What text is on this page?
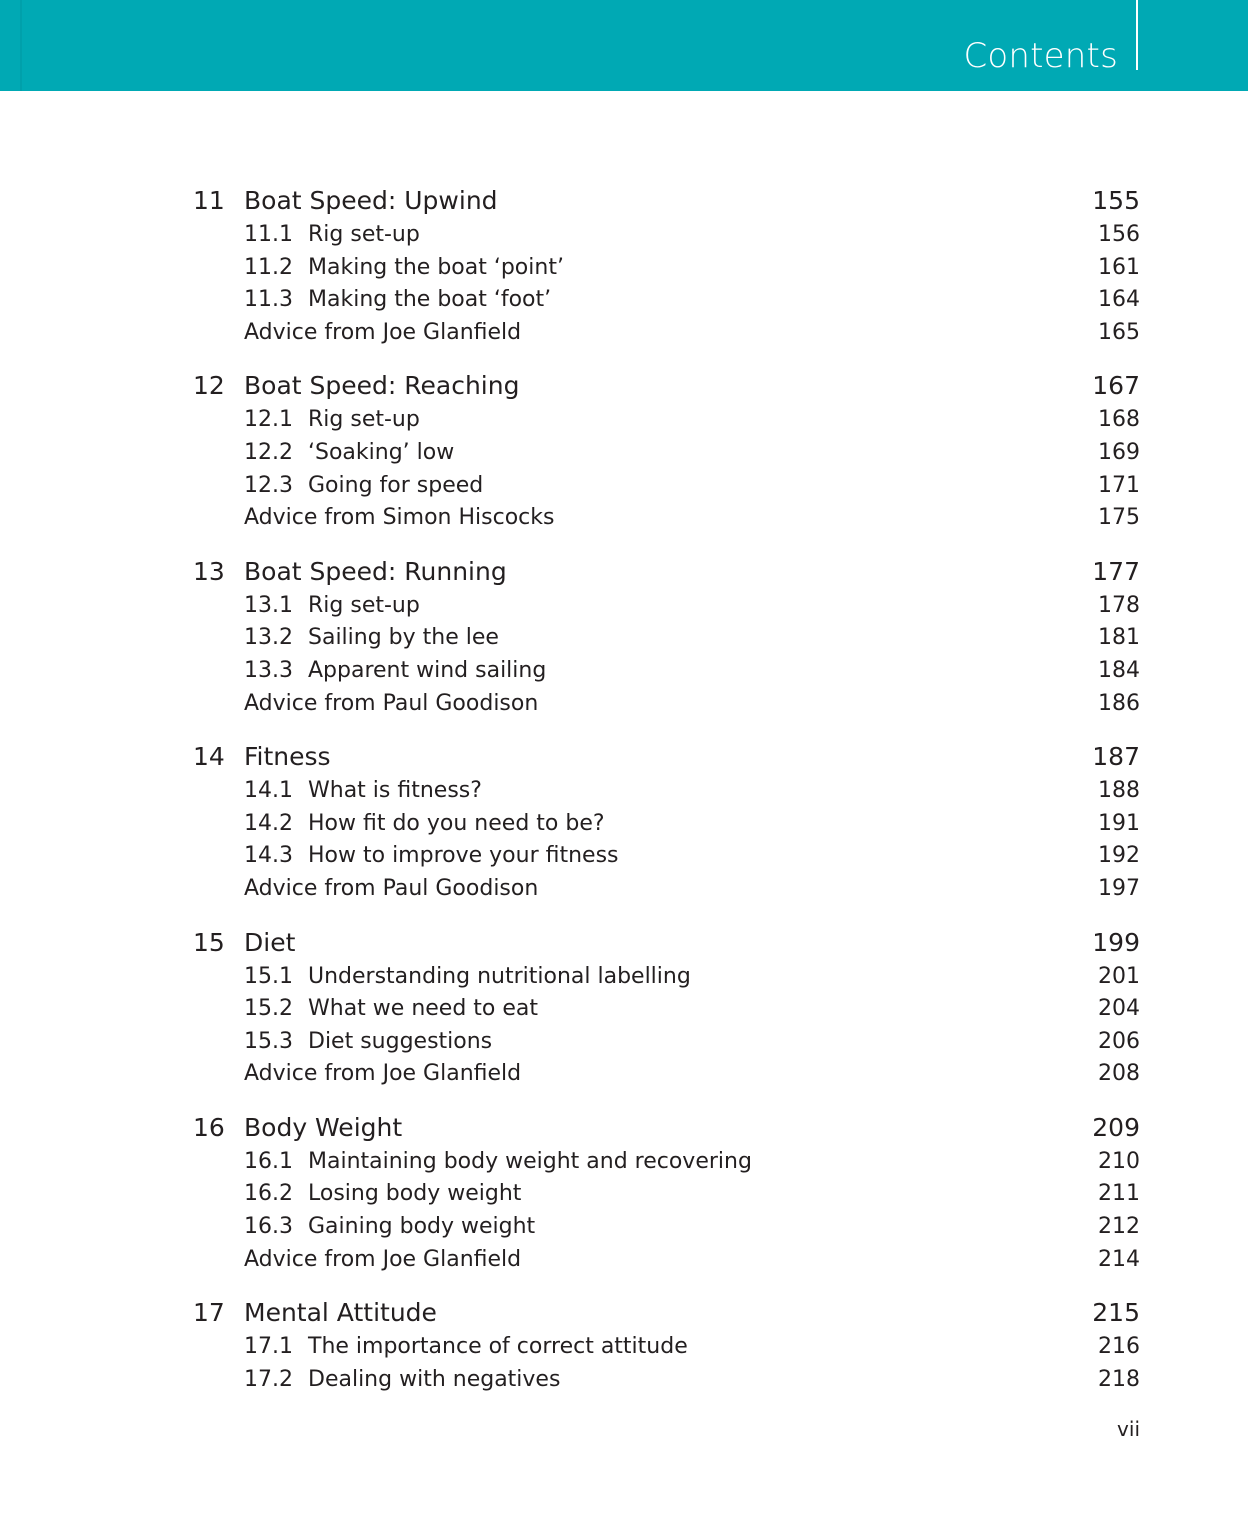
Contents
11 Boat Speed: Upwind	155
11.1 Rig set-up	156
11.2 Making the boat ‘point’	161
11.3 Making the boat ‘foot’	164
Advice from Joe Glanfield	165
12 Boat Speed: Reaching	167
12.1 Rig set-up	168
12.2 ‘Soaking’ low	169
12.3 Going for speed	171
Advice from Simon Hiscocks	175
13 Boat Speed: Running	177
13.1 Rig set-up	178
13.2 Sailing by the lee	181
13.3 Apparent wind sailing	184
Advice from Paul Goodison	186
14 Fitness	187
14.1 What is fitness?	188
14.2 How fit do you need to be?	191
14.3 How to improve your fitness	192
Advice from Paul Goodison	197
15 Diet	199
15.1 Understanding nutritional labelling	201
15.2 What we need to eat	204
15.3 Diet suggestions	206
Advice from Joe Glanfield	208
16 Body Weight	209
16.1 Maintaining body weight and recovering	210
16.2 Losing body weight	211
16.3 Gaining body weight	212
Advice from Joe Glanfield	214
17 Mental Attitude	215
17.1 The importance of correct attitude	216
17.2 Dealing with negatives	218
vii
